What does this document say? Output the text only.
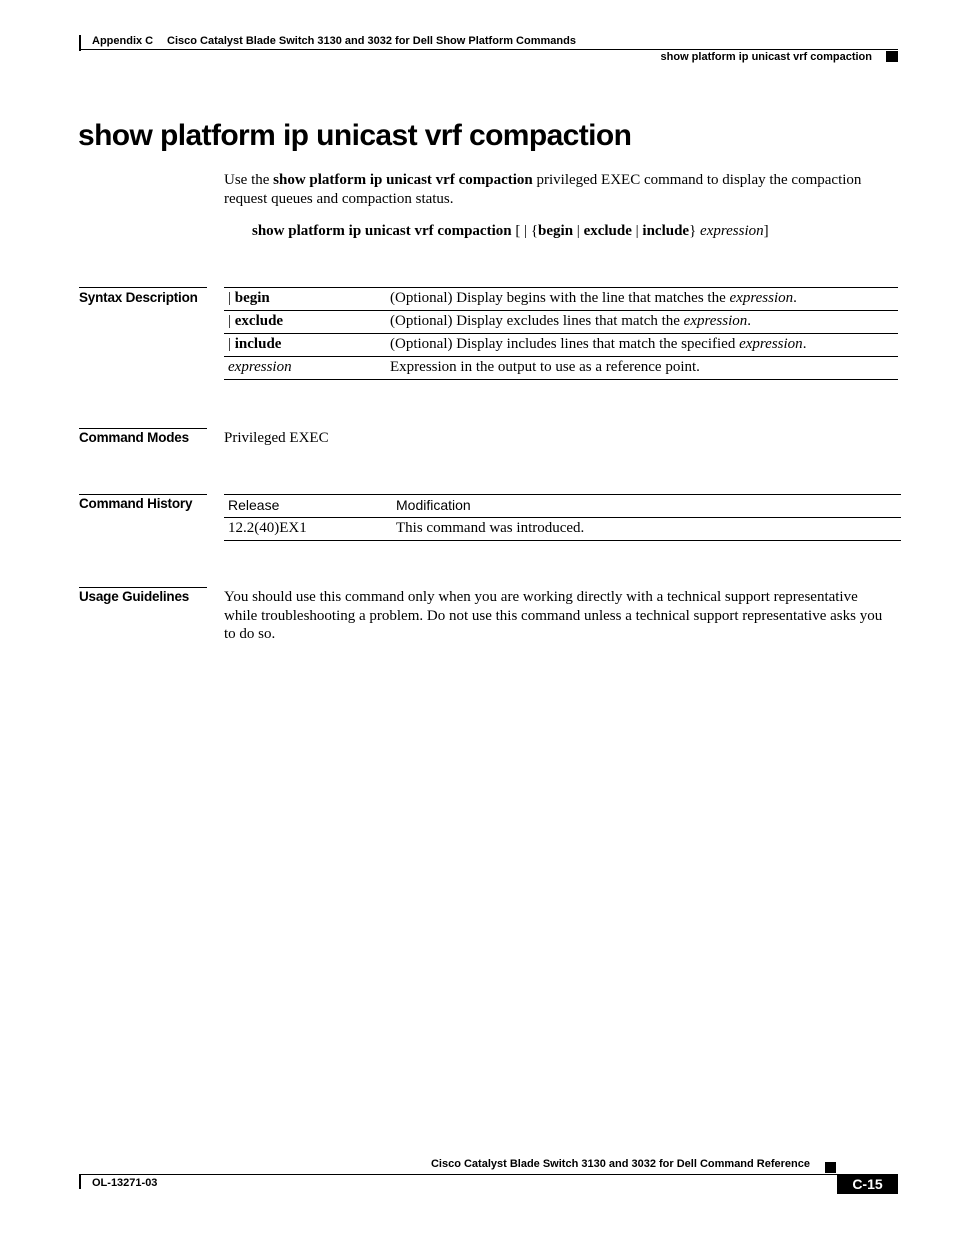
Appendix C Cisco Catalyst Blade Switch 3130 and 3032 for Dell Show Platform Commands
show platform ip unicast vrf compaction
show platform ip unicast vrf compaction

Use the show platform ip unicast vrf compaction privileged EXEC command to display the compaction request queues and compaction status.

show platform ip unicast vrf compaction [ | {begin | exclude | include} expression]
Syntax Description | begin	(Optional) Display begins with the line that matches the expression.
| exclude	(Optional) Display excludes lines that match the expression.
| include	(Optional) Display includes lines that match the specified expression.
expression	Expression in the output to use as a reference point.
Command Modes Privileged EXEC
Command History	Release	Modification
12.2(40)EX1	This command was introduced.
Usage Guidelines You should use this command only when you are working directly with a technical support representative while troubleshooting a problem. Do not use this command unless a technical support representative asks you to do so.

Cisco Catalyst Blade Switch 3130 and 3032 for Dell Command Reference
OL-13271-03	C-15
